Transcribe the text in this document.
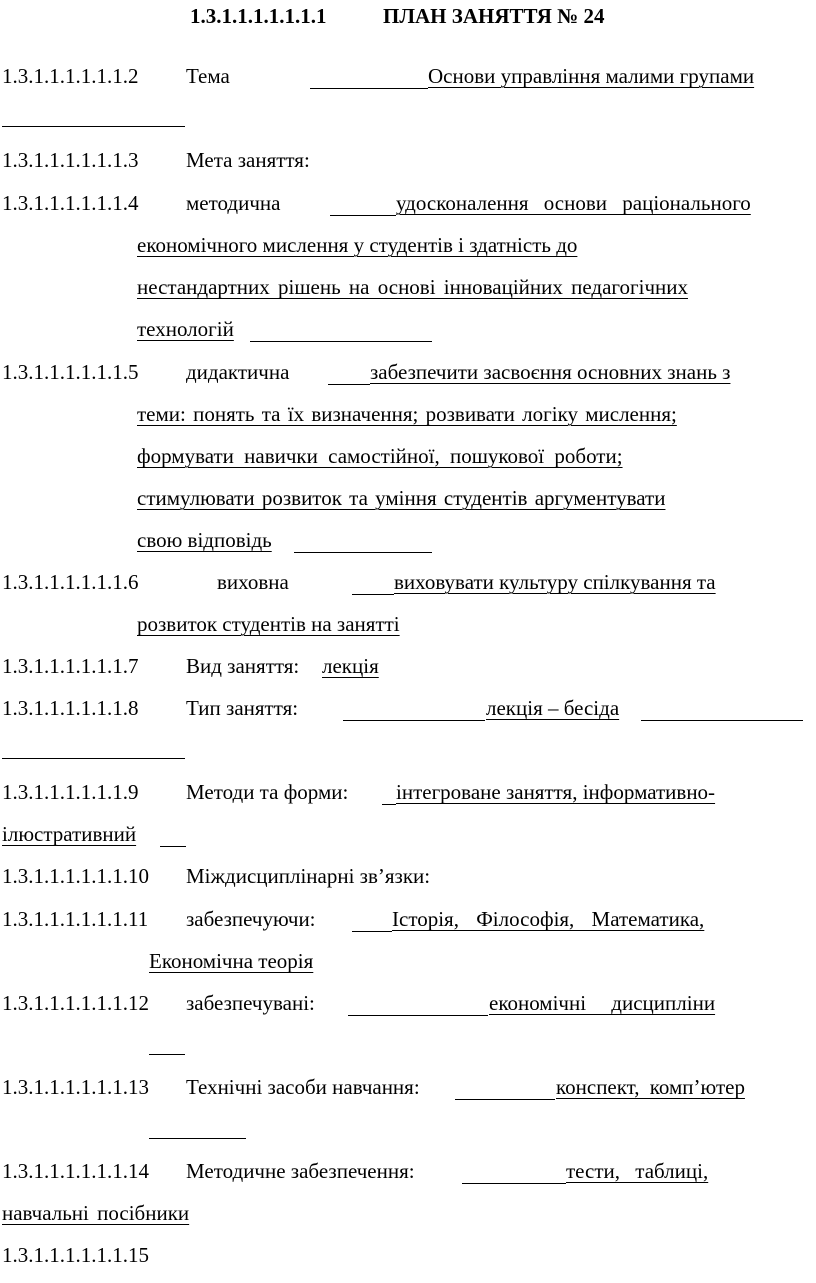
1.3.1.1.1.1.1.1.1	ПЛАН ЗАНЯТТЯ № 24
1.3.1.1.1.1.1.1.2 Тема	Основи управління малими групами
1.3.1.1.1.1.1.1.3 Мета заняття:
1.3.1.1.1.1.1.1.4 методична	удосконалення основи раціонального
економічного мислення у студентів і здатність до
нестандартних рішень на основі інноваційних педагогічних
технологій
1.3.1.1.1.1.1.1.5 дидактична	забезпечити засвоєння основних знань з
теми: понять та їх визначення; розвивати логіку мислення;
формувати навички самостійної, пошукової роботи;
стимулювати розвиток та уміння студентів аргументувати
свою відповідь
1.3.1.1.1.1.1.1.6	виховна	виховувати культуру спілкування та
розвиток студентів на занятті
1.3.1.1.1.1.1.1.7 Вид заняття: лекція
1.3.1.1.1.1.1.1.8 Тип заняття:	лекція – бесіда
1.3.1.1.1.1.1.1.9 Методи та форми: інтегроване заняття, інформативно-
ілюстративний
1.3.1.1.1.1.1.1.10 Міждисциплінарні зв’язки:
1.3.1.1.1.1.1.1.11 забезпечуючи:	Історія, Філософія, Математика,
Економічна теорія
1.3.1.1.1.1.1.1.12 забезпечувані:	економічні дисципліни
1.3.1.1.1.1.1.1.13 Технічні засоби навчання:	конспект, комп’ютер
1.3.1.1.1.1.1.1.14 Методичне забезпечення:	тести, таблиці,
навчальні посібники
1.3.1.1.1.1.1.1.15
